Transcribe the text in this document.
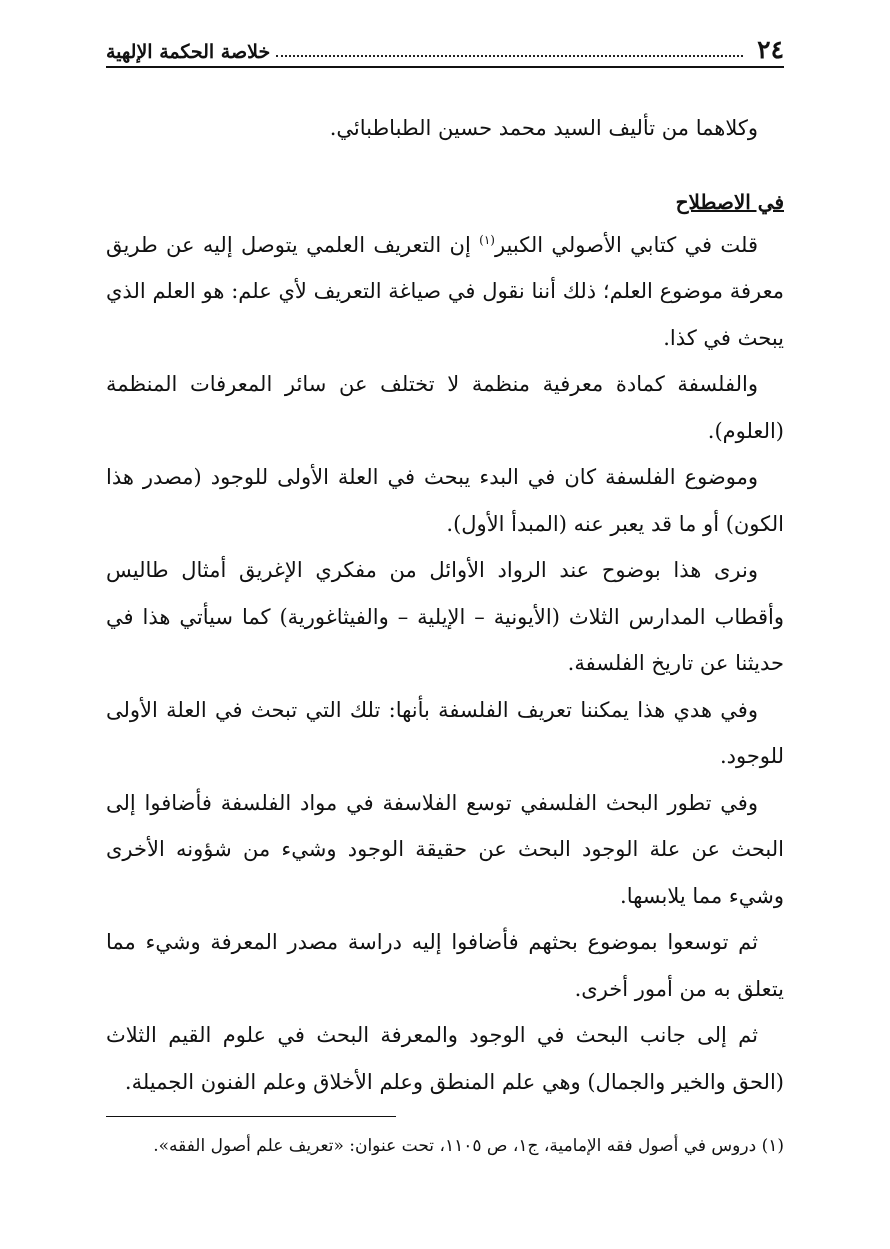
٢٤
خلاصة الحكمة الإلهية

وكلاهما من تأليف السيد محمد حسين الطباطبائي.

في الاصطلاح

قلت في كتابي الأصولي الكبير$^{(١)}$ إن التعريف العلمي يتوصل إليه عن طريق معرفة موضوع العلم؛ ذلك أننا نقول في صياغة التعريف لأي علم: هو العلم الذي يبحث في كذا.

والفلسفة كمادة معرفية منظمة لا تختلف عن سائر المعرفات المنظمة (العلوم).

وموضوع الفلسفة كان في البدء يبحث في العلة الأولى للوجود (مصدر هذا الكون) أو ما قد يعبر عنه (المبدأ الأول).

ونرى هذا بوضوح عند الرواد الأوائل من مفكري الإغريق أمثال طاليس وأقطاب المدارس الثلاث (الأيونية – الإيلية – والفيثاغورية) كما سيأتي هذا في حديثنا عن تاريخ الفلسفة.

وفي هدي هذا يمكننا تعريف الفلسفة بأنها: تلك التي تبحث في العلة الأولى للوجود.

وفي تطور البحث الفلسفي توسع الفلاسفة في مواد الفلسفة فأضافوا إلى البحث عن علة الوجود البحث عن حقيقة الوجود وشيء من شؤونه الأخرى وشيء مما يلابسها.

ثم توسعوا بموضوع بحثهم فأضافوا إليه دراسة مصدر المعرفة وشيء مما يتعلق به من أمور أخرى.

ثم إلى جانب البحث في الوجود والمعرفة البحث في علوم القيم الثلاث (الحق والخير والجمال) وهي علم المنطق وعلم الأخلاق وعلم الفنون الجميلة.

(١) دروس في أصول فقه الإمامية، ج١، ص ١١٠٥، تحت عنوان: «تعريف علم أصول الفقه».
